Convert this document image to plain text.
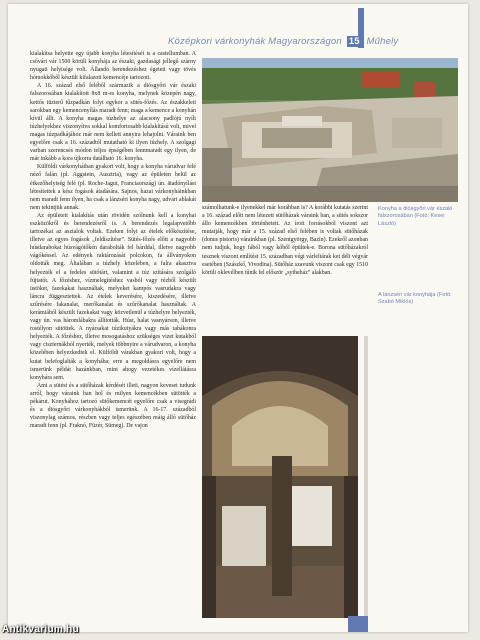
Középkori várkonyhák Magyarországon 15 Műhely

kialakítsa helyette egy újabb konyha létesítését is a castellumban. A csővári vár 1500 körüli konyhája az északi, gazdasági jellegű szárny nyugati helyisége volt. Állandó berendezéshez égetett vagy tövés hómokkőből készült kifalazott kemencéje tartozott.

A 16. század első feléből származik a diósgyőri vár északi falszorosában kialakított 8x8 m-es konyha, melynek közepén nagy, kettős tüzterű tűzpadkán folyt egykor a sütés-főzés. Az északkeleti sarokban egy kemencenyílás maradt fenn; maga a kemence a konyhán kívül állt. A konyha magas túzhelye az alacsony padlójú nyílt túzhelyekhez viszonyítva sokkal komfortosabb kialakítású volt, mivel magas túzpadkájához már nem kellett annyira lehajolni. Váraink ben egyelőre csak a 16. századtól mutatható ki ilyen túzhely. A szolgagi varban szerencsés módon teljes épségében fennmaradt egy ilyen, de már inkább a kora újkorra datálható 16. konyha.

Külföldi várkonyháiban gyakori volt, hogy a konyha várudvar felé néző falán (pl. Aggstein, Ausztria), vagy az épületen belül az étkezőhelyiség felé (pl. Roche-Jagut, Franciaország) ún. ätadónyílást létesítettek a kész fogások átadására. Sajnos, hazai várkonyháinkban nem maradt fenn ilyen, ha csak a lánzséri konyha nagy, udvari ablakát nem tekintjük annak.

Az épületeit kialakítás után rövidén szólnunk kell a konyhai eszközökről és berendezésről is. A berendezés legalapvetőbb tartozékai az asztalok voltak. Ezeken folyt az ételek előkészítése, illetve az egyes fogások „feldíszítése”. Sütés-főzés előtt a nagyobb húsdarabokat húsvágótőkén darabolták fel bárddal, illetve nagyobb vágókéssel. Az edények raktározását polcokon, fa állványokon oldották meg. Általában a túzhely közelében, a falra akasztva helyezték el a fedeles sütőtárt, valamint a túz szítására szolgáló fújtatót. A főzéshez, vízmelegítéshez vasból vagy rézből készült üstöket, fazekakat használtak, melyeket kampós vasrudakra vagy láncra függesztettek. Az ételek keverésére, kiszedésére, illetve szűrésére fakanalat, merőkanalat és szűrőkanalat használtak. A kerámiából készült fazekakat vagy közvetlenül a túzhelyre helyezték, vagy ún. vas háromlábakra állították. Húst, halat vasnyárson, illetve rostélyon sütöttek. A nyársakat túzikutyákra vagy más tabákonra helyezték. A főzéshez, illetve mosogatáshoz szükséges vizet kutakból vagy ciszternákból nyerték, melyek többnyire a várudvaron, a konyha közelében helyezkedtek el. Külföldi várakban gyakori volt, hogy a kutat belefoglalták a konyhába; erre a megoldásra egyelőre nem ismerünk példát hazánkban, mint ahogy vezetékes vízellátásra konyhára sem.

Ami a sütést és a sütőházak kérdését illeti, nagyon keveset tudunk arról, hogy váraink ban hol és milyen kemencékben sütötték a pékárut. Konyhához tartozó sütőkemencét egyelőre csak a visegrádi és a diósgyőri várkonyhákból ismerünk. A 16-17. századból viszonylag számos, részben vagy teljes egészében máig álló sütőház maradt fenn (pl. Fraknó, Füzér, Sümeg). De vajon

Konyha a diósgyőri vár északi falszorosában (Fotó: Kesei László)

számolhatunk-e ilyenekkel már korábban is? A korábbi kutatás szerint a 16. század előtt nem létezett sütőházak váraink ban, a sütés sokszor állo kemencékben történhetett. Az írott forrásokból viszont azt mutatják, hogy már a 15. század első felében is voltak sütőházak (donus pistoris) várainkban (pl. Szentgyörgy, Bazin). Ezekről azonban nem tudjuk, hogy fából vagy kőből épültek-e. Borona sütőházakról tesznek viszont említést 15. században végi várleltárak ket déli végvár esetében (Szászkő, Vivodina). Sütőház szavunk viszont csak egy 1510 körüli oklevélben tűnik fel először „sytheház” alakban.

A lánzséri vár konyhája (Fotó: Szabó Miklós)
Antikvarium.hu
